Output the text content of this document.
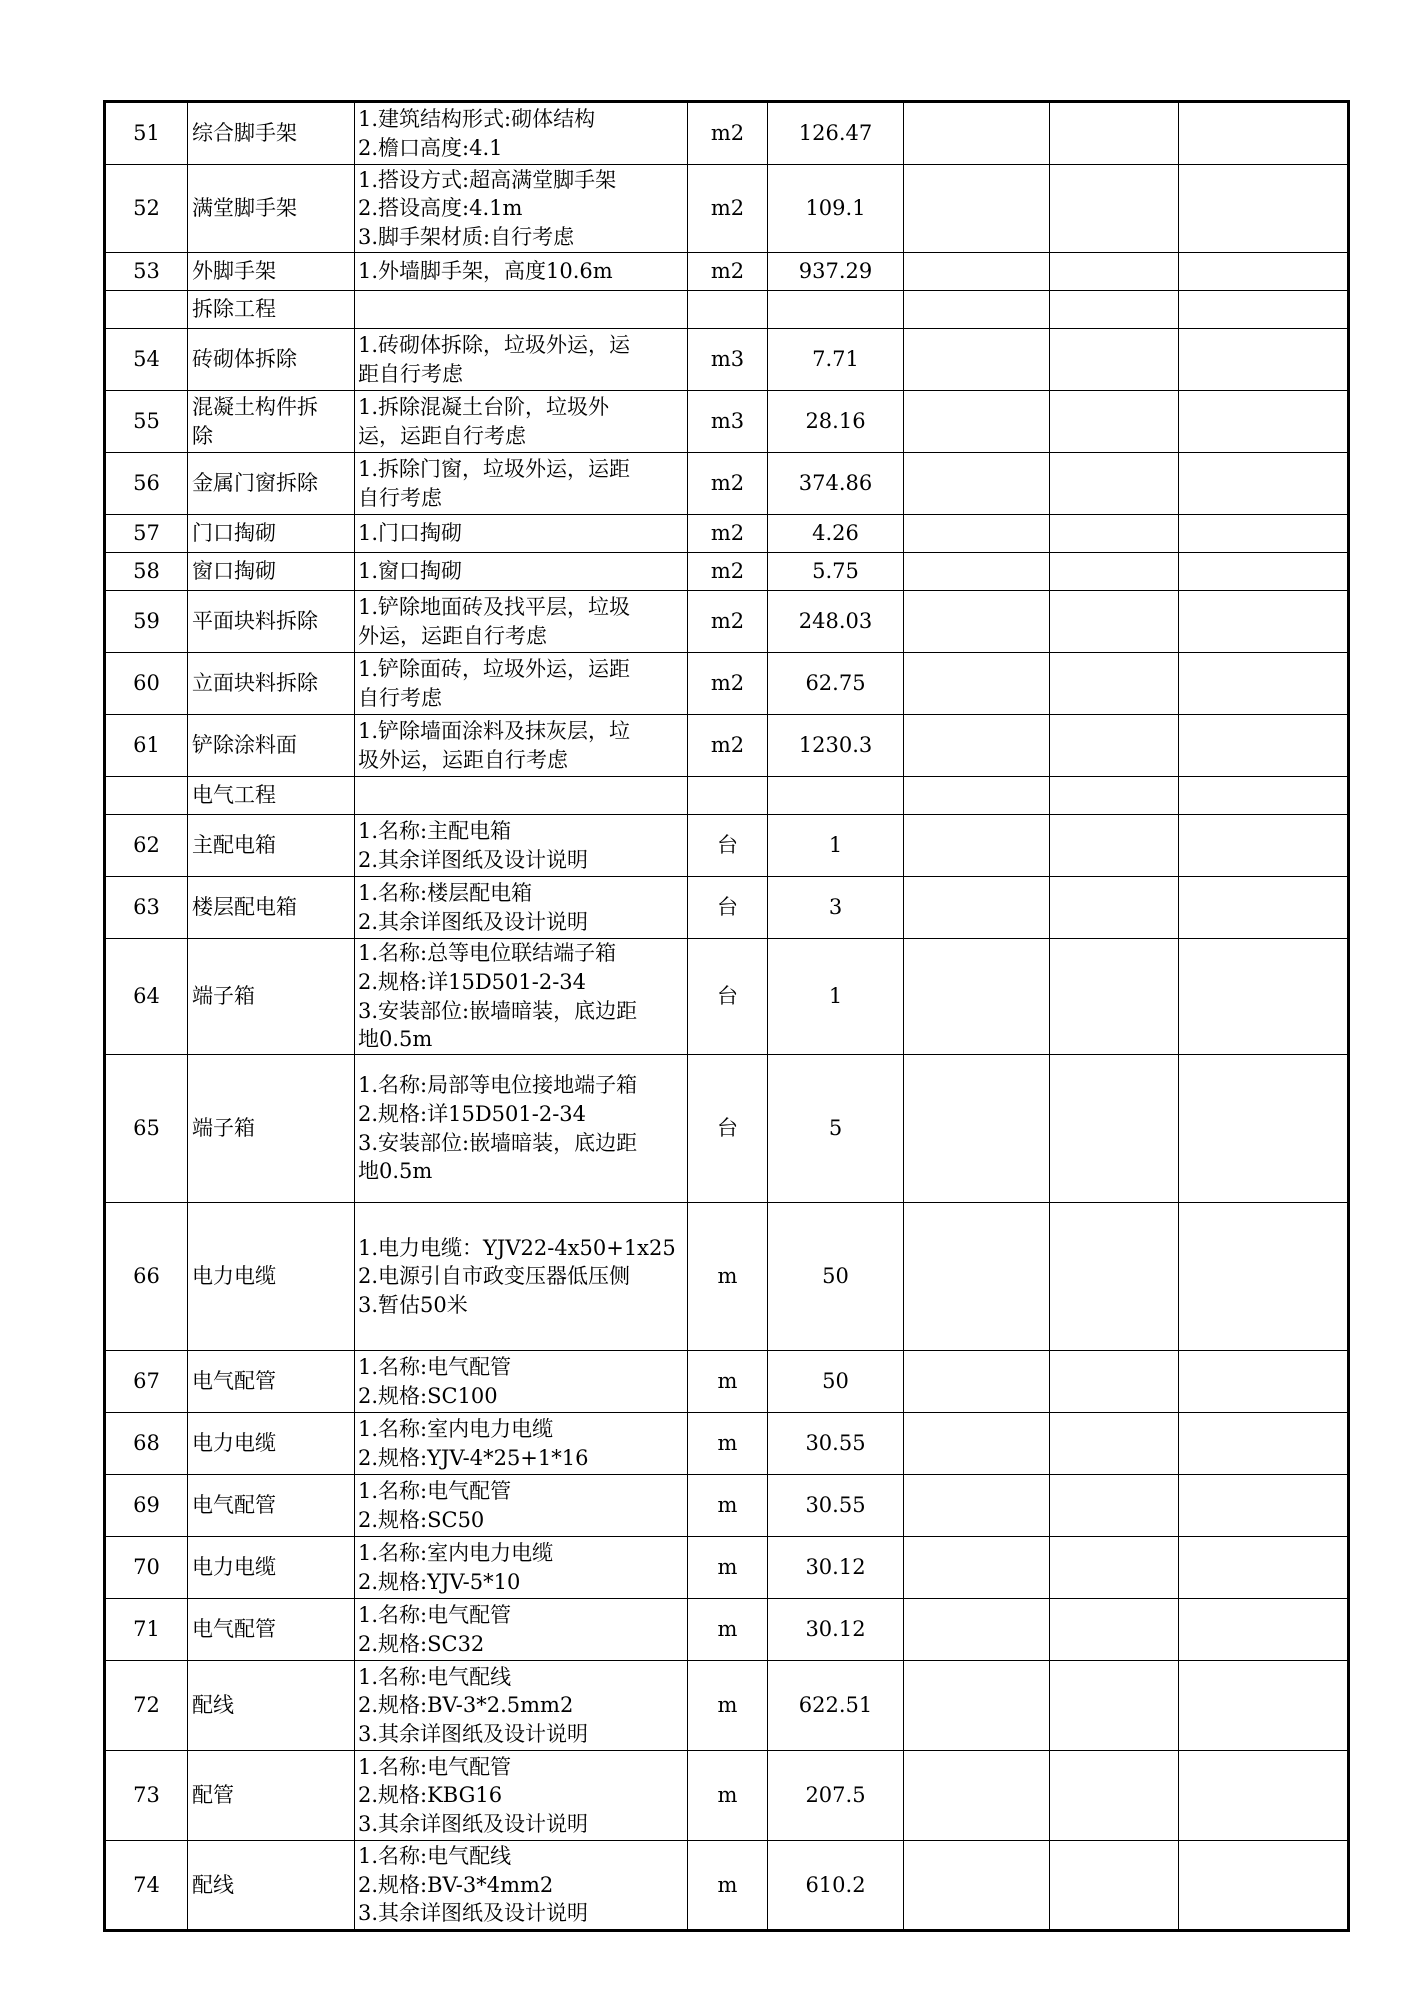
51	综合脚手架	1.建筑结构形式:砌体结构
2.檐口高度:4.1	m2	126.47			
52	满堂脚手架	1.搭设方式:超高满堂脚手架
2.搭设高度:4.1m
3.脚手架材质:自行考虑	m2	109.1			
53	外脚手架	1.外墙脚手架，高度10.6m	m2	937.29			
	拆除工程						
54	砖砌体拆除	1.砖砌体拆除，垃圾外运，运
距自行考虑	m3	7.71			
55	混凝土构件拆
除	1.拆除混凝土台阶，垃圾外
运，运距自行考虑	m3	28.16			
56	金属门窗拆除	1.拆除门窗，垃圾外运，运距
自行考虑	m2	374.86			
57	门口掏砌	1.门口掏砌	m2	4.26			
58	窗口掏砌	1.窗口掏砌	m2	5.75			
59	平面块料拆除	1.铲除地面砖及找平层，垃圾
外运，运距自行考虑	m2	248.03			
60	立面块料拆除	1.铲除面砖，垃圾外运，运距
自行考虑	m2	62.75			
61	铲除涂料面	1.铲除墙面涂料及抹灰层，垃
圾外运，运距自行考虑	m2	1230.3			
	电气工程						
62	主配电箱	1.名称:主配电箱
2.其余详图纸及设计说明	台	1			
63	楼层配电箱	1.名称:楼层配电箱
2.其余详图纸及设计说明	台	3			
64	端子箱	1.名称:总等电位联结端子箱
2.规格:详15D501-2-34
3.安装部位:嵌墙暗装，底边距
地0.5m	台	1			
65	端子箱	1.名称:局部等电位接地端子箱
2.规格:详15D501-2-34
3.安装部位:嵌墙暗装，底边距
地0.5m	台	5			
66	电力电缆	1.电力电缆：YJV22-4x50+1x25
2.电源引自市政变压器低压侧
3.暂估50米	m	50			
67	电气配管	1.名称:电气配管
2.规格:SC100	m	50			
68	电力电缆	1.名称:室内电力电缆
2.规格:YJV-4*25+1*16	m	30.55			
69	电气配管	1.名称:电气配管
2.规格:SC50	m	30.55			
70	电力电缆	1.名称:室内电力电缆
2.规格:YJV-5*10	m	30.12			
71	电气配管	1.名称:电气配管
2.规格:SC32	m	30.12			
72	配线	1.名称:电气配线
2.规格:BV-3*2.5mm2
3.其余详图纸及设计说明	m	622.51			
73	配管	1.名称:电气配管
2.规格:KBG16
3.其余详图纸及设计说明	m	207.5			
74	配线	1.名称:电气配线
2.规格:BV-3*4mm2
3.其余详图纸及设计说明	m	610.2			
